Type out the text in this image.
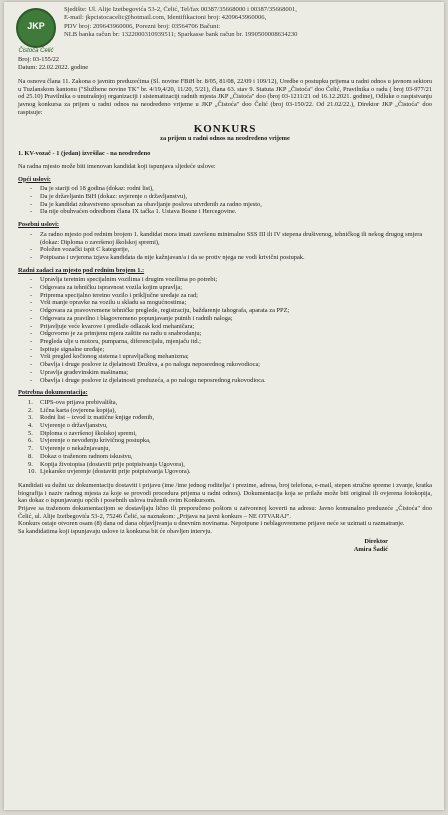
JKP
Čistoća Čelić
Sjedište: Ul. Alije Izetbegovića 53-2, Čelić, Tel/fax 00387/35668000 i 00387/35668001,
E-mail: jkpcistocacelic@hotmail.com, Identifikacioni broj: 4209643960006,
PDV broj: 209643960006, Porezni broj: 03564706 Bačuni:
NLB banka račun br: 1322000310939511; Sparkasse bank račun br. 1990500008634230
Broj: 03-155/22
Datum: 22.02.2022. godine
Na osnovu člana 11. Zakona o javnim preduzećima (Sl. novine FBiH br. 8/05, 81/08, 22/09 i 109/12), Uredbe o postupku prijema u radni odnos u javnom sektoru u Tuzlanskom kantonu ("Službene novine TK" br. 4/19,4/20, 11/20, 5/21), člana 63. stav 9. Statuta JKP „Čistoća" doo Čelić, Pravilnika o radu ( broj 03-977/21 od 25.10) Pravilnika o unutrašnjoj organizaciji i sistematizaciji radnih mjesta JKP „Čistoća" doo (broj 03-1211/21 od 16.12.2021. godine), Odluke o raspisivanju javnog konkursa za prijem u radni odnos na neodređeno vrijeme u JKP „Čistoća" doo Čelić (broj 03-150/22. Od 21.02/22.), Direktor JKP „Čistoća" doo raspisuje:
KONKURS
za prijem u radni odnos na neodređeno vrijeme
1. KV-vozač - 1 (jedan) izvršilac - na neodređeno
Na radna mjesto može biti imenovan kandidat koji ispunjava sljedeće uslove:
Opći uslovi:
- Da je stariji od 18 godina (dokaz: rodni list),
- Da je državljanin BiH (dokaz: uvjerenje o državljanstvu),
- Da je kandidat zdravstveno sposoban za obavljanje poslova utvrđenih za radno mjesto,
- Da nije obuhvaćen odredbom člana IX tačka 1. Ustava Bosne i Hercegovine.
Posebni uslovi:
- Za radno mjesto pod rednim brojem 1. kandidat mora imati završenu minimalno SSS III ili IV stepena društvenog, tehničkog ili nekog drugog smjera (dokaz: Diploma o završenoj školskoj spremi),
- Položen vozački ispit C kategorije,
- Potpisana i uvjerena izjava kandidata da nije kažnjavan/a i da se protiv njega ne vodi krivični postupak.
Radni zadaci za mjesto pod rednim brojem 1.:
- Upravlja teretnim specijalnim vozilima i drugim vozilima po potrebi;
- Odgovara za tehničku ispravnost vozila kojim upravlja;
- Priprema specijalno teretno vozilo i priključne uređaje za rad;
- Vrši manje opravke na vozilu u skladu sa mogućnostima;
- Odgovara za pravovremene tehničke preglede, registraciju, baždarenje tahografa, aparata za PPZ;
- Odgovara za pravilno i blagovremeno popunjavanje putnih i radnih naloga;
- Prijavljuje veće kvarove i predlaže odlazak kod mehaničara;
- Odgovorno je za primjenu mjera zaštite na radu u snabrodanju;
- Pregleda ulje u motoru, pumparna, diferencijalu, mjenjaču itd.;
- Ispituje signalne uređaje;
- Vrši pregled kočionog sistema i upravljačkog mehanizma;
- Obavlja i druge poslove iz djelatnosti Društva, a po nalogu neposrednog rukovodioca;
- Upravlja građevinskim mašinama;
- Obavlja i druge poslove iz djelatnosti preduzeća, a po nalogu neposrednog rukovodioca.
Potrebna dokumentacija:
1.	CIPS-ova prijava prebivališta,
2.	Lična karta (ovjerena kopija),
3.	Rodni list – izvod iz matične knjige rođenih,
4.	Uvjerenje o državljanstvu,
5.	Diploma o završenoj školskoj spremi,
6.	Uvjerenje o nevođenju krivičnog postupka,
7.	Uvjerenje o nekažnjavanju,
8.	Dokaz o traženom radnom iskustvu,
9.	Kopija životopisa (dostaviti prije potpisivanja Ugovora),
10. Ljekarsko uvjerenje (dostaviti prije potpisivanja Ugovora).
Kandidati su dužni uz dokumentaciju dostaviti i prijavu (ime /ime jednog roditelja/ i prezime, adresa, broj telefona, e-mail, stepen stručne spreme i zvanje, kratka biografija i naziv radnog mjesta za koje se provodi procedura prijema u radni odnos). Dokumentacija koja se prilaže može biti original ili ovjerena fotokopija, kao dokaz o ispunjavanju općih i posebnih uslova traženih ovim Konkursom.
Prijave sa traženom dokumentacijom se dostavljaju lično ili preporučeno poštom u zatvorenoj koverti na adresu: Javno komunalno preduzeće „Čistoća" doo Čelić, ul. Alije Izetbegovića 53-2, 75246 Čelić, sa naznakom: „Prijava na javni konkurs – NE OTVARAJ".
Konkurs ostaje otvoren osam (8) dana od dana objavljivanja u dnevnim novinama. Nepotpune i neblagovremene prijave neće se uzimati u razmatranje.
Sa kandidatima koji ispunjavaju uslove iz konkursa bit će obavljen intervju.
Direktor
Amira Šadić
